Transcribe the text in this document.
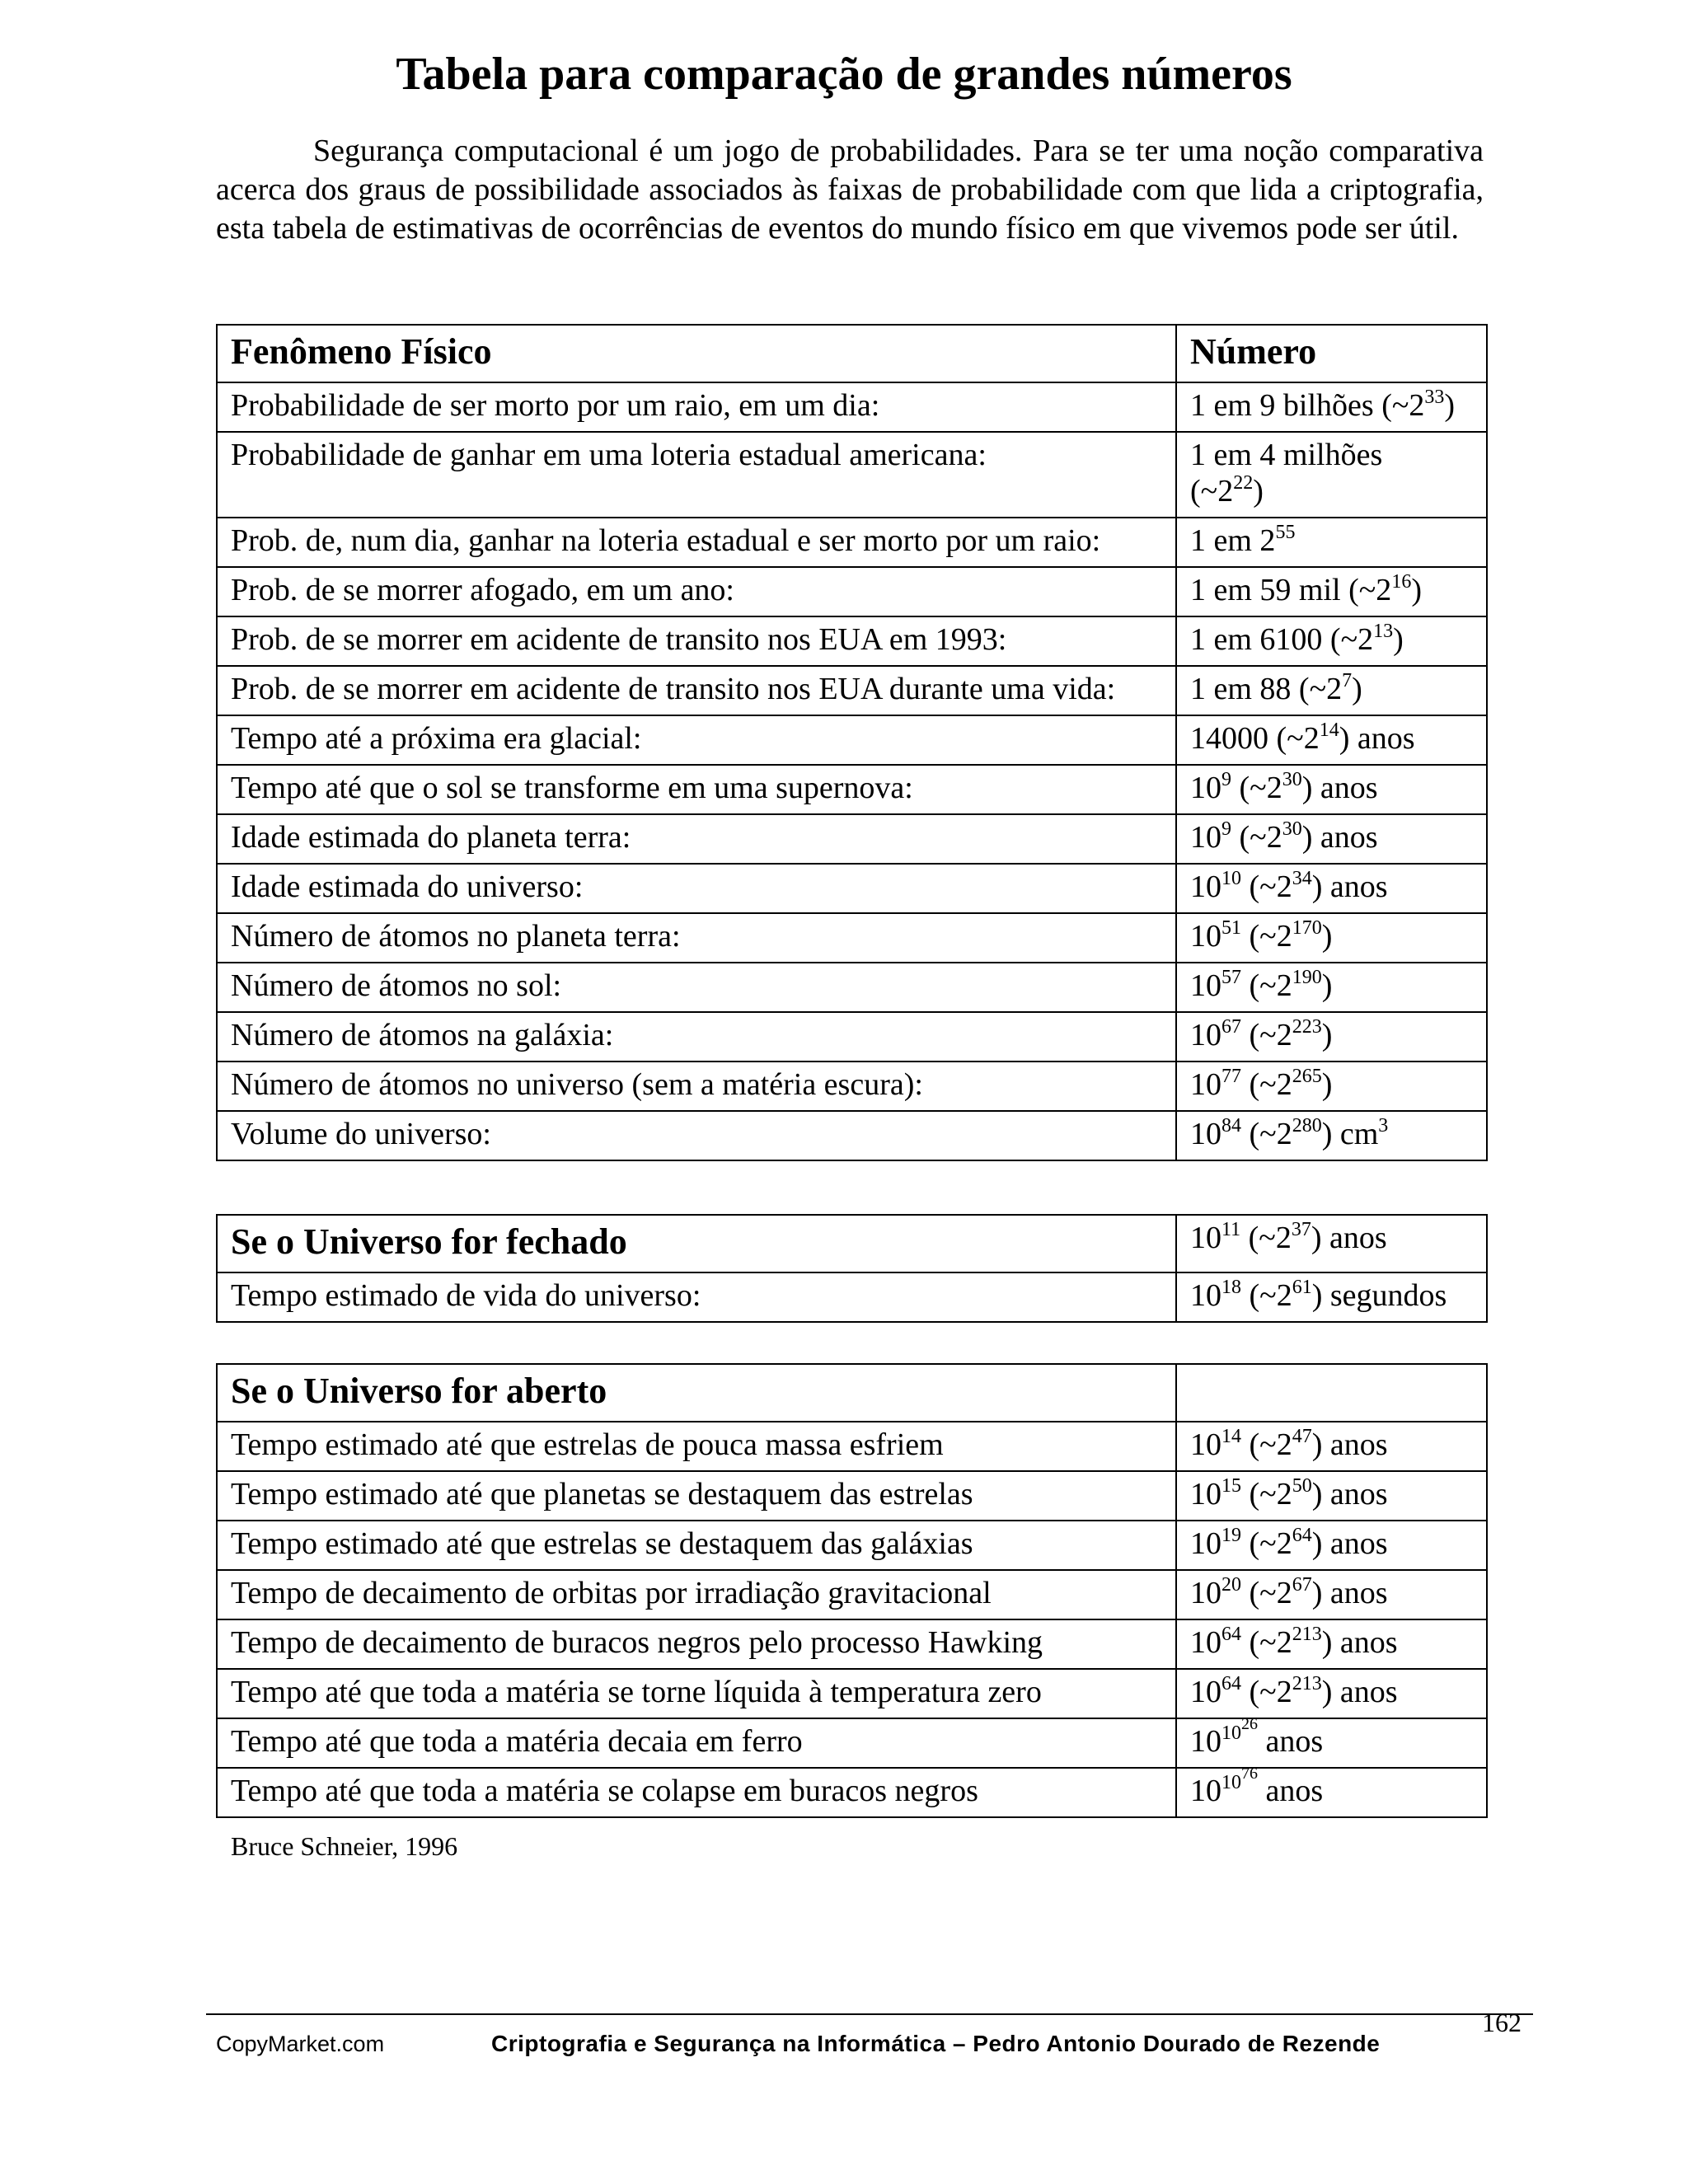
Tabela para comparação de grandes números

Segurança computacional é um jogo de probabilidades. Para se ter uma noção comparativa acerca dos graus de possibilidade associados às faixas de probabilidade com que lida a criptografia, esta tabela de estimativas de ocorrências de eventos do mundo físico em que vivemos pode ser útil.

Fenômeno Físico	Número
Probabilidade de ser morto por um raio, em um dia:	1 em 9 bilhões $(\sim 2^{33})$
Probabilidade de ganhar em uma loteria estadual americana:	1 em 4 milhões
$(\sim 2^{22})$
Prob. de, num dia, ganhar na loteria estadual e ser morto por um raio:	1 em $2^{55}$
Prob. de se morrer afogado, em um ano:	1 em 59 mil $(\sim 2^{16})$
Prob. de se morrer em acidente de transito nos EUA em 1993:	1 em 6100 $(\sim 2^{13})$
Prob. de se morrer em acidente de transito nos EUA durante uma vida:	1 em 88 $(\sim 2^7)$
Tempo até a próxima era glacial:	14000 $(\sim 2^{14})$ anos
Tempo até que o sol se transforme em uma supernova:	$10^9$ $(\sim 2^{30})$ anos
Idade estimada do planeta terra:	$10^9$ $(\sim 2^{30})$ anos
Idade estimada do universo:	$10^{10}$ $(\sim 2^{34})$ anos
Número de átomos no planeta terra:	$10^{51}$ $(\sim 2^{170})$
Número de átomos no sol:	$10^{57}$ $(\sim 2^{190})$
Número de átomos na galáxia:	$10^{67}$ $(\sim 2^{223})$
Número de átomos no universo (sem a matéria escura):	$10^{77}$ $(\sim 2^{265})$
Volume do universo:	$10^{84}$ $(\sim 2^{280})$ $cm^3$
Se o Universo for fechado	$10^{11}$ $(\sim 2^{37})$ anos
Tempo estimado de vida do universo:	$10^{18}$ $(\sim 2^{61})$ segundos
Se o Universo for aberto	
Tempo estimado até que estrelas de pouca massa esfriem	$10^{14}$ $(\sim 2^{47})$ anos
Tempo estimado até que planetas se destaquem das estrelas	$10^{15}$ $(\sim 2^{50})$ anos
Tempo estimado até que estrelas se destaquem das galáxias	$10^{19}$ $(\sim 2^{64})$ anos
Tempo de decaimento de orbitas por irradiação gravitacional	$10^{20}$ $(\sim 2^{67})$ anos
Tempo de decaimento de buracos negros pelo processo Hawking	$10^{64}$ $(\sim 2^{213})$ anos
Tempo até que toda a matéria se torne líquida à temperatura zero	$10^{64}$ $(\sim 2^{213})$ anos
Tempo até que toda a matéria decaia em ferro	$10^{10^{26}}$ anos
Tempo até que toda a matéria se colapse em buracos negros	$10^{10^{76}}$ anos
Bruce Schneier, 1996
162
CopyMarket.com	Criptografia e Segurança na Informática – Pedro Antonio Dourado de Rezende
